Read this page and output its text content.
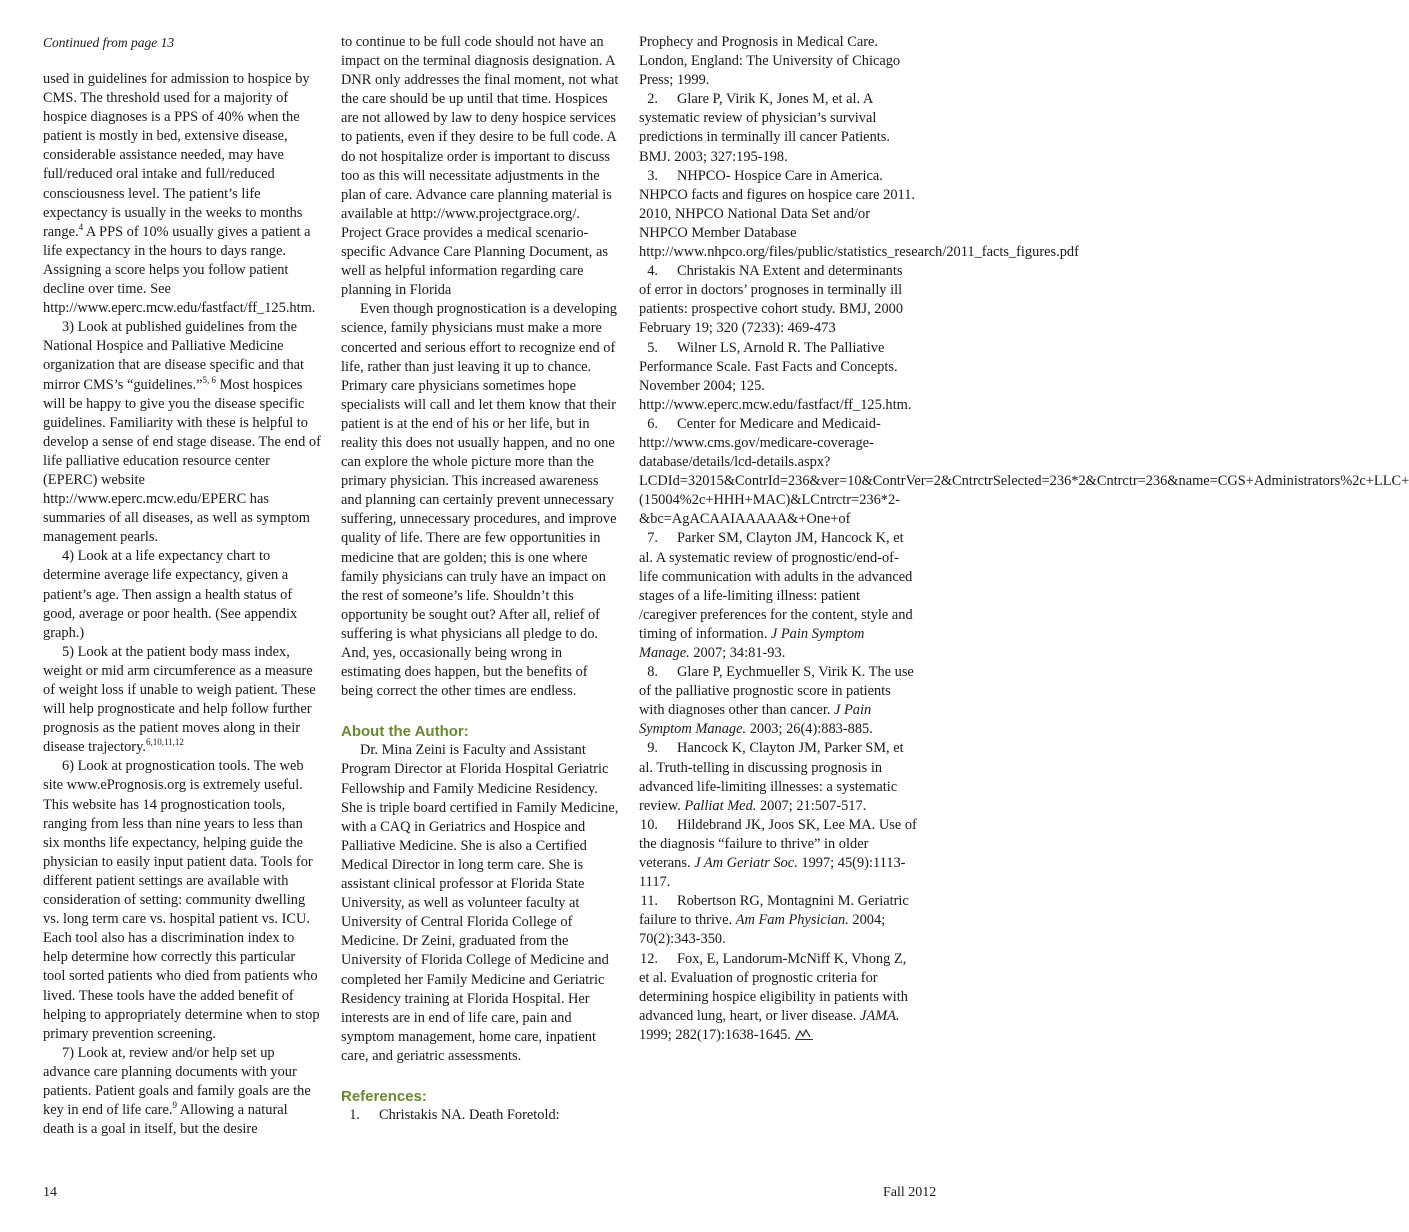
Continued from page 13

used in guidelines for admission to hospice by CMS. The threshold used for a majority of hospice diagnoses is a PPS of 40% when the patient is mostly in bed, extensive disease, considerable assistance needed, may have full/reduced oral intake and full/reduced consciousness level. The patient’s life expectancy is usually in the weeks to months range.$^4$ A PPS of 10% usually gives a patient a life expectancy in the hours to days range. Assigning a score helps you follow patient decline over time. See http://www.eperc.mcw.edu/fastfact/ff_125.htm.

3) Look at published guidelines from the National Hospice and Palliative Medicine organization that are disease specific and that mirror CMS’s “guidelines.”$^{5, 6}$ Most hospices will be happy to give you the disease specific guidelines. Familiarity with these is helpful to develop a sense of end stage disease. The end of life palliative education resource center (EPERC) website http://www.eperc.mcw.edu/EPERC has summaries of all diseases, as well as symptom management pearls.

4) Look at a life expectancy chart to determine average life expectancy, given a patient’s age. Then assign a health status of good, average or poor health. (See appendix graph.)

5) Look at the patient body mass index, weight or mid arm circumference as a measure of weight loss if unable to weigh patient. These will help prognosticate and help follow further prognosis as the patient moves along in their disease trajectory.$^{6,10,11,12}$

6) Look at prognostication tools. The web site www.ePrognosis.org is extremely useful. This website has 14 prognostication tools, ranging from less than nine years to less than six months life expectancy, helping guide the physician to easily input patient data. Tools for different patient settings are available with consideration of setting: community dwelling vs. long term care vs. hospital patient vs. ICU. Each tool also has a discrimination index to help determine how correctly this particular tool sorted patients who died from patients who lived. These tools have the added benefit of helping to appropriately determine when to stop primary prevention screening.

7) Look at, review and/or help set up advance care planning documents with your patients. Patient goals and family goals are the key in end of life care.$^9$ Allowing a natural death is a goal in itself, but the desire

to continue to be full code should not have an impact on the terminal diagnosis designation. A DNR only addresses the final moment, not what the care should be up until that time. Hospices are not allowed by law to deny hospice services to patients, even if they desire to be full code. A do not hospitalize order is important to discuss too as this will necessitate adjustments in the plan of care. Advance care planning material is available at http://www.projectgrace.org/. Project Grace provides a medical scenario-specific Advance Care Planning Document, as well as helpful information regarding care planning in Florida

Even though prognostication is a developing science, family physicians must make a more concerted and serious effort to recognize end of life, rather than just leaving it up to chance. Primary care physicians sometimes hope specialists will call and let them know that their patient is at the end of his or her life, but in reality this does not usually happen, and no one can explore the whole picture more than the primary physician. This increased awareness and planning can certainly prevent unnecessary suffering, unnecessary procedures, and improve quality of life. There are few opportunities in medicine that are golden; this is one where family physicians can truly have an impact on the rest of someone’s life. Shouldn’t this opportunity be sought out? After all, relief of suffering is what physicians all pledge to do. And, yes, occasionally being wrong in estimating does happen, but the benefits of being correct the other times are endless.

About the Author:

Dr. Mina Zeini is Faculty and Assistant Program Director at Florida Hospital Geriatric Fellowship and Family Medicine Residency. She is triple board certified in Family Medicine, with a CAQ in Geriatrics and Hospice and Palliative Medicine. She is also a Certified Medical Director in long term care. She is assistant clinical professor at Florida State University, as well as volunteer faculty at University of Central Florida College of Medicine. Dr Zeini, graduated from the University of Florida College of Medicine and completed her Family Medicine and Geriatric Residency training at Florida Hospital. Her interests are in end of life care, pain and symptom management, home care, inpatient care, and geriatric assessments.

References:

1. Christakis NA. Death Foretold:

Prophecy and Prognosis in Medical Care. London, England: The University of Chicago Press; 1999.

2. Glare P, Virik K, Jones M, et al. A systematic review of physician’s survival predictions in terminally ill cancer Patients. BMJ. 2003; 327:195-198.

3. NHPCO- Hospice Care in America. NHPCO facts and figures on hospice care 2011. 2010, NHPCO National Data Set and/or NHPCO Member Database http://www.nhpco.org/files/public/statistics_research/2011_facts_figures.pdf

4. Christakis NA Extent and determinants of error in doctors’ prognoses in terminally ill patients: prospective cohort study. BMJ, 2000 February 19; 320 (7233): 469-473

5. Wilner LS, Arnold R. The Palliative Performance Scale. Fast Facts and Concepts. November 2004; 125. http://www.eperc.mcw.edu/fastfact/ff_125.htm.

6. Center for Medicare and Medicaid-http://www.cms.gov/medicare-coverage-database/details/lcd-details.aspx?LCDId=32015&ContrId=236&ver=10&ContrVer=2&CntrctrSelected=236*2&Cntrctr=236&name=CGS+Administrators%2c+LLC+(15004%2c+HHH+MAC)&LCntrctr=236*2-&bc=AgACAAIAAAAA&+One+of

7. Parker SM, Clayton JM, Hancock K, et al. A systematic review of prognostic/end-of-life communication with adults in the advanced stages of a life-limiting illness: patient /caregiver preferences for the content, style and timing of information. J Pain Symptom Manage. 2007; 34:81-93.

8. Glare P, Eychmueller S, Virik K. The use of the palliative prognostic score in patients with diagnoses other than cancer. J Pain Symptom Manage. 2003; 26(4):883-885.

9. Hancock K, Clayton JM, Parker SM, et al. Truth-telling in discussing prognosis in advanced life-limiting illnesses: a systematic review. Palliat Med. 2007; 21:507-517.

10. Hildebrand JK, Joos SK, Lee MA. Use of the diagnosis “failure to thrive” in older veterans. J Am Geriatr Soc. 1997; 45(9):1113-1117.

11. Robertson RG, Montagnini M. Geriatric failure to thrive. Am Fam Physician. 2004; 70(2):343-350.

12. Fox, E, Landorum-McNiff K, Vhong Z, et al. Evaluation of prognostic criteria for determining hospice eligibility in patients with advanced lung, heart, or liver disease. JAMA. 1999; 282(17):1638-1645.

14	Fall 2012
